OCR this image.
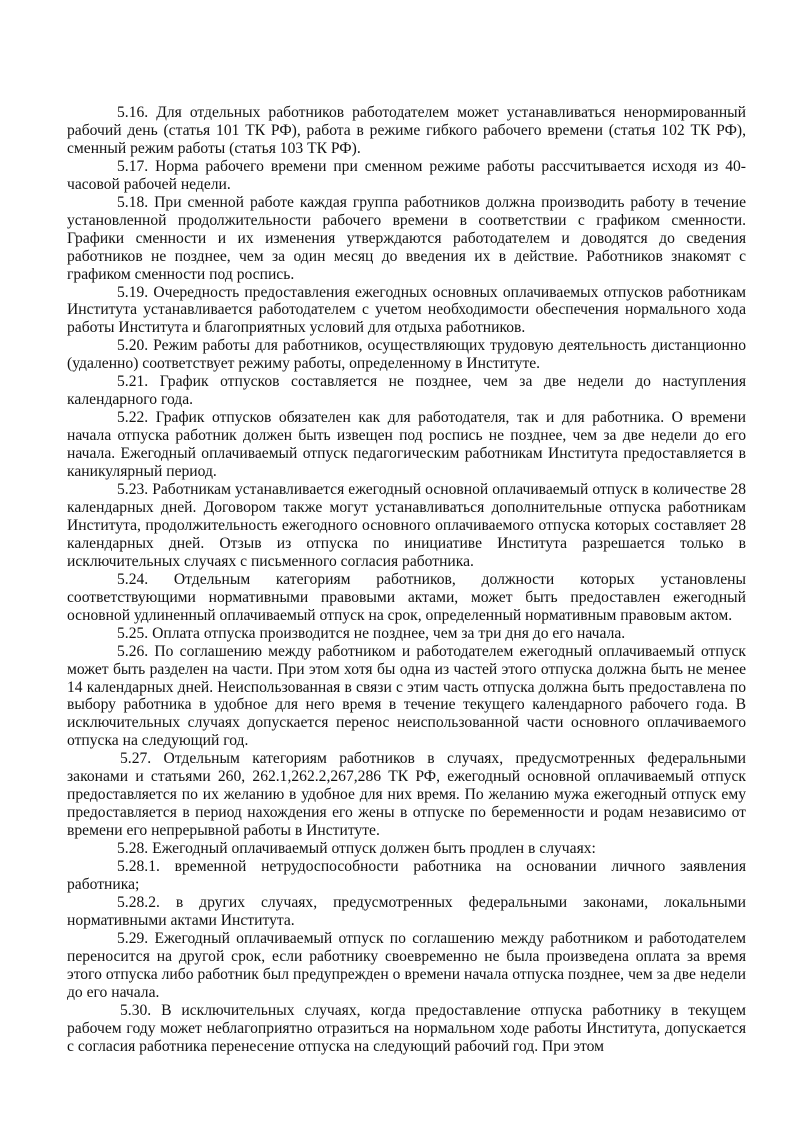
5.16. Для отдельных работников работодателем может устанавливаться ненормированный рабочий день (статья 101 ТК РФ), работа в режиме гибкого рабочего времени (статья 102 ТК РФ), сменный режим работы (статья 103 ТК РФ).

5.17. Норма рабочего времени при сменном режиме работы рассчитывается исходя из 40-часовой рабочей недели.

5.18. При сменной работе каждая группа работников должна производить работу в течение установленной продолжительности рабочего времени в соответствии с графиком сменности. Графики сменности и их изменения утверждаются работодателем и доводятся до сведения работников не позднее, чем за один месяц до введения их в действие. Работников знакомят с графиком сменности под роспись.

5.19. Очередность предоставления ежегодных основных оплачиваемых отпусков работникам Института устанавливается работодателем с учетом необходимости обеспечения нормального хода работы Института и благоприятных условий для отдыха работников.

5.20. Режим работы для работников, осуществляющих трудовую деятельность дистанционно (удаленно) соответствует режиму работы, определенному в Институте.

5.21. График отпусков составляется не позднее, чем за две недели до наступления календарного года.

5.22. График отпусков обязателен как для работодателя, так и для работника. О времени начала отпуска работник должен быть извещен под роспись не позднее, чем за две недели до его начала. Ежегодный оплачиваемый отпуск педагогическим работникам Института предоставляется в каникулярный период.

5.23. Работникам устанавливается ежегодный основной оплачиваемый отпуск в количестве 28 календарных дней. Договором также могут устанавливаться дополнительные отпуска работникам Института, продолжительность ежегодного основного оплачиваемого отпуска которых составляет 28 календарных дней. Отзыв из отпуска по инициативе Института разрешается только в исключительных случаях с письменного согласия работника.

5.24. Отдельным категориям работников, должности которых установлены соответствующими нормативными правовыми актами, может быть предоставлен ежегодный основной удлиненный оплачиваемый отпуск на срок, определенный нормативным правовым актом.

5.25. Оплата отпуска производится не позднее, чем за три дня до его начала.

5.26. По соглашению между работником и работодателем ежегодный оплачиваемый отпуск может быть разделен на части. При этом хотя бы одна из частей этого отпуска должна быть не менее 14 календарных дней. Неиспользованная в связи с этим часть отпуска должна быть предоставлена по выбору работника в удобное для него время в течение текущего календарного рабочего года. В исключительных случаях допускается перенос неиспользованной части основного оплачиваемого отпуска на следующий год.

5.27. Отдельным категориям работников в случаях, предусмотренных федеральными законами и статьями 260, 262.1,262.2,267,286 ТК РФ, ежегодный основной оплачиваемый отпуск предоставляется по их желанию в удобное для них время. По желанию мужа ежегодный отпуск ему предоставляется в период нахождения его жены в отпуске по беременности и родам независимо от времени его непрерывной работы в Институте.

5.28. Ежегодный оплачиваемый отпуск должен быть продлен в случаях:

5.28.1. временной нетрудоспособности работника на основании личного заявления работника;

5.28.2. в других случаях, предусмотренных федеральными законами, локальными нормативными актами Института.

5.29. Ежегодный оплачиваемый отпуск по соглашению между работником и работодателем переносится на другой срок, если работнику своевременно не была произведена оплата за время этого отпуска либо работник был предупрежден о времени начала отпуска позднее, чем за две недели до его начала.

5.30. В исключительных случаях, когда предоставление отпуска работнику в текущем рабочем году может неблагоприятно отразиться на нормальном ходе работы Института, допускается с согласия работника перенесение отпуска на следующий рабочий год. При этом
